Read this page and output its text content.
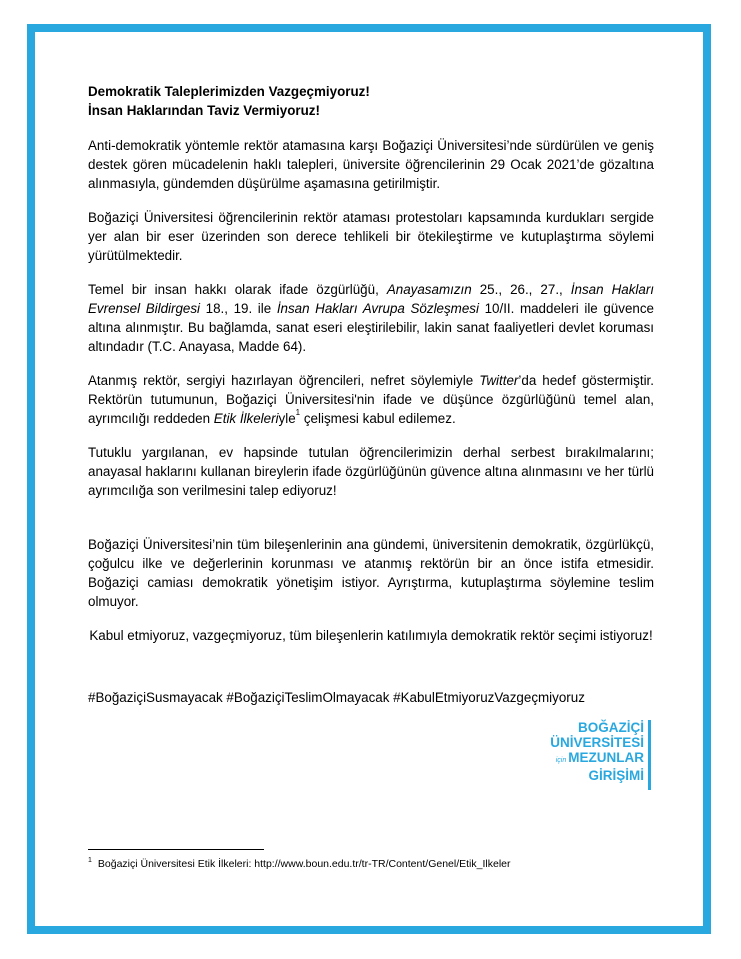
Demokratik Taleplerimizden Vazgeçmiyoruz!
İnsan Haklarından Taviz Vermiyoruz!

Anti-demokratik yöntemle rektör atamasına karşı Boğaziçi Üniversitesi’nde sürdürülen ve geniş destek gören mücadelenin haklı talepleri, üniversite öğrencilerinin 29 Ocak 2021’de gözaltına alınmasıyla, gündemden düşürülme aşamasına getirilmiştir.

Boğaziçi Üniversitesi öğrencilerinin rektör ataması protestoları kapsamında kurdukları sergide yer alan bir eser üzerinden son derece tehlikeli bir ötekileştirme ve kutuplaştırma söylemi yürütülmektedir.

Temel bir insan hakkı olarak ifade özgürlüğü, Anayasamızın 25., 26., 27., İnsan Hakları Evrensel Bildirgesi 18., 19. ile İnsan Hakları Avrupa Sözleşmesi 10/II. maddeleri ile güvence altına alınmıştır. Bu bağlamda, sanat eseri eleştirilebilir, lakin sanat faaliyetleri devlet koruması altındadır (T.C. Anayasa, Madde 64).

Atanmış rektör, sergiyi hazırlayan öğrencileri, nefret söylemiyle Twitter’da hedef göstermiştir. Rektörün tutumunun, Boğaziçi Üniversitesi'nin ifade ve düşünce özgürlüğünü temel alan, ayrımcılığı reddeden Etik İlkeleriyle$^1$ çelişmesi kabul edilemez.

Tutuklu yargılanan, ev hapsinde tutulan öğrencilerimizin derhal serbest bırakılmalarını; anayasal haklarını kullanan bireylerin ifade özgürlüğünün güvence altına alınmasını ve her türlü ayrımcılığa son verilmesini talep ediyoruz!

Boğaziçi Üniversitesi’nin tüm bileşenlerinin ana gündemi, üniversitenin demokratik, özgürlükçü, çoğulcu ilke ve değerlerinin korunması ve atanmış rektörün bir an önce istifa etmesidir. Boğaziçi camiası demokratik yönetişim istiyor. Ayrıştırma, kutuplaştırma söylemine teslim olmuyor.

Kabul etmiyoruz, vazgeçmiyoruz, tüm bileşenlerin katılımıyla demokratik rektör seçimi istiyoruz!

#BoğaziçiSusmayacak #BoğaziçiTeslimOlmayacak #KabulEtmiyoruzVazgeçmiyoruz
BOĞAZİÇİ
ÜNİVERSİTESİ
için MEZUNLAR
GİRİŞİMİ
$^1$ Boğaziçi Üniversitesi Etik İlkeleri: http://www.boun.edu.tr/tr-TR/Content/Genel/Etik_Ilkeler
